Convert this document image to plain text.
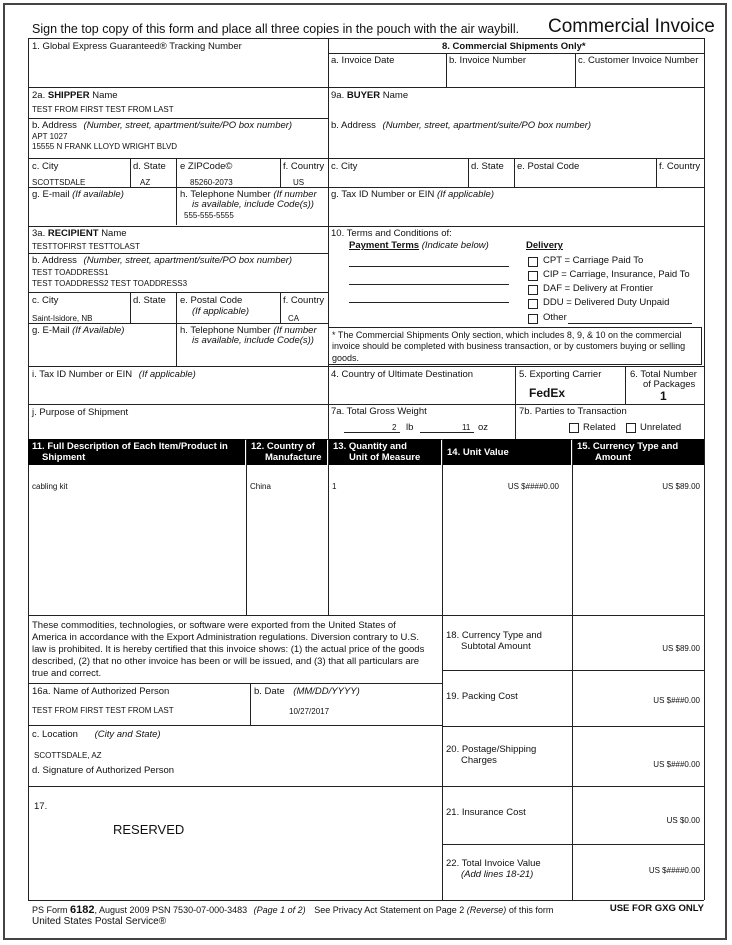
Sign the top copy of this form and place all three copies in the pouch with the air waybill. Commercial Invoice
1. Global Express Guaranteed® Tracking Number	8. Commercial Shipments Only*
a. Invoice Date	b. Invoice Number	c. Customer Invoice Number
2a. SHIPPER Name
TEST FROM FIRST TEST FROM LAST
b. Address (Number, street, apartment/suite/PO box number)
APT 1027
15555 N FRANK LLOYD WRIGHT BLVD
c. City
SCOTTSDALE
d. State
AZ
e ZIPCode©
85260-2073
f. Country
US
g. E-mail (If available)	h. Telephone Number (If number
is available, include Code(s))
555-555-5555
9a. BUYER Name
b. Address (Number, street, apartment/suite/PO box number)
c. City	d. State e. Postal Code	f. Country
g. Tax ID Number or EIN (If applicable)
3a. RECIPIENT Name
TESTTOFIRST TESTTOLAST
b. Address (Number, street, apartment/suite/PO box number)
TEST TOADDRESS1
TEST TOADDRESS2 TEST TOADDRESS3
c. City
Saint-Isidore, NB
d. State e. Postal Code
(If applicable)
f. Country
CA
g. E-Mail (If Available)	h. Telephone Number (If number
is available, include Code(s))
i. Tax ID Number or EIN (If applicable)
j. Purpose of Shipment
10. Terms and Conditions of:
Payment Terms (Indicate below)	Delivery
CPT = Carriage Paid To
CIP = Carriage, Insurance, Paid To
DAF = Delivery at Frontier
DDU = Delivered Duty Unpaid
Other
* The Commercial Shipments Only section, which includes 8, 9, & 10 on the commercial invoice should be completed with business transaction, or by customers buying or selling goods.
4. Country of Ultimate Destination	5. Exporting Carrier
FedEx
6. Total Number
of Packages
1
7a. Total Gross Weight
2 lb	11 oz
7b. Parties to Transaction
Related	Unrelated
11. Full Description of Each Item/Product in
Shipment
12. Country of
Manufacture
13. Quantity and
Unit of Measure	14. Unit Value
15. Currency Type and
Amount
cabling kit	China	1	US $####0.00	US $89.00
These commodities, technologies, or software were exported from the United States of America in accordance with the Export Administration regulations. Diversion contrary to U.S. law is prohibited. It is hereby certified that this invoice shows: (1) the actual price of the goods described, (2) that no other invoice has been or will be issued, and (3) that all particulars are true and correct.
16a. Name of Authorized Person
TEST FROM FIRST TEST FROM LAST
b. Date (MM/DD/YYYY)
10/27/2017
c. Location (City and State)
SCOTTSDALE, AZ
d. Signature of Authorized Person
17.
RESERVED
18. Currency Type and
Subtotal Amount	US $89.00
19. Packing Cost	US $###0.00
20. Postage/Shipping
Charges	US $###0.00
21. Insurance Cost
US $0.00
22. Total Invoice Value
(Add lines 18-21)	US $####0.00
PS Form 6182, August 2009 PSN 7530-07-000-3483 (Page 1 of 2) See Privacy Act Statement on Page 2 (Reverse) of this form
United States Postal Service®
USE FOR GXG ONLY
